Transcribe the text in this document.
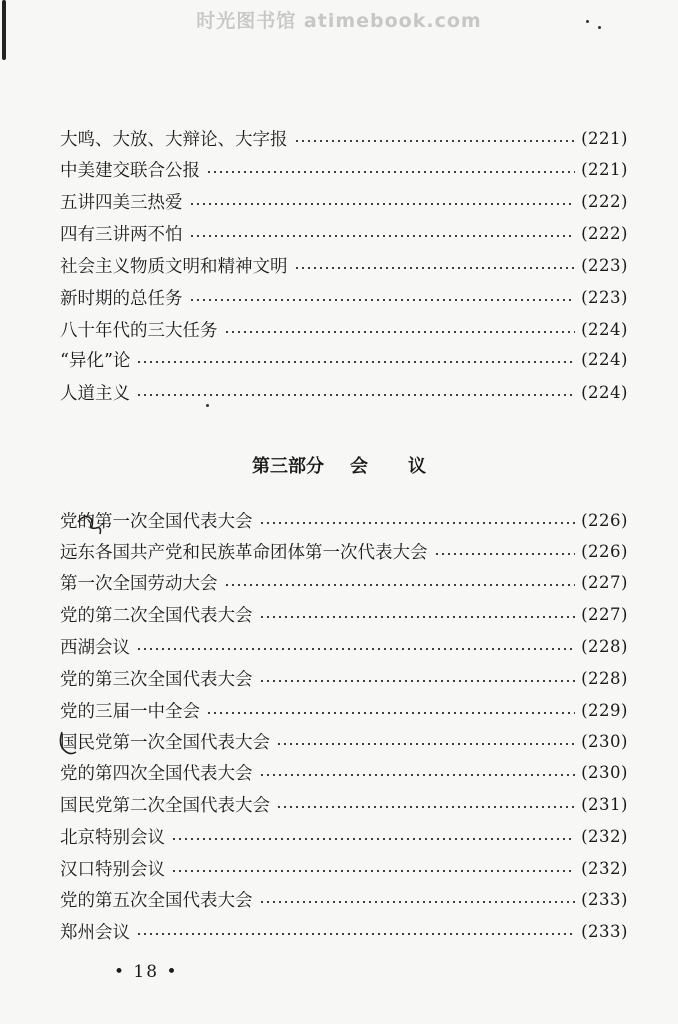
时光图书馆 atimebook.com
大鸣、大放、大辩论、大字报	(221)
中美建交联合公报	(221)
五讲四美三热爱	(222)
四有三讲两不怕	(222)
社会主义物质文明和精神文明	(223)
新时期的总任务	(223)
八十年代的三大任务	(224)
“异化”论	(224)
人道主义	(224)
第三部分 会 议
党的第一次全国代表大会	(226)
远东各国共产党和民族革命团体第一次代表大会	(226)
第一次全国劳动大会	(227)
党的第二次全国代表大会	(227)
西湖会议	(228)
党的第三次全国代表大会	(228)
党的三届一中全会	(229)
国民党第一次全国代表大会	(230)
党的第四次全国代表大会	(230)
国民党第二次全国代表大会	(231)
北京特别会议	(232)
汉口特别会议	(232)
党的第五次全国代表大会	(233)
郑州会议	(233)
• 18 •
